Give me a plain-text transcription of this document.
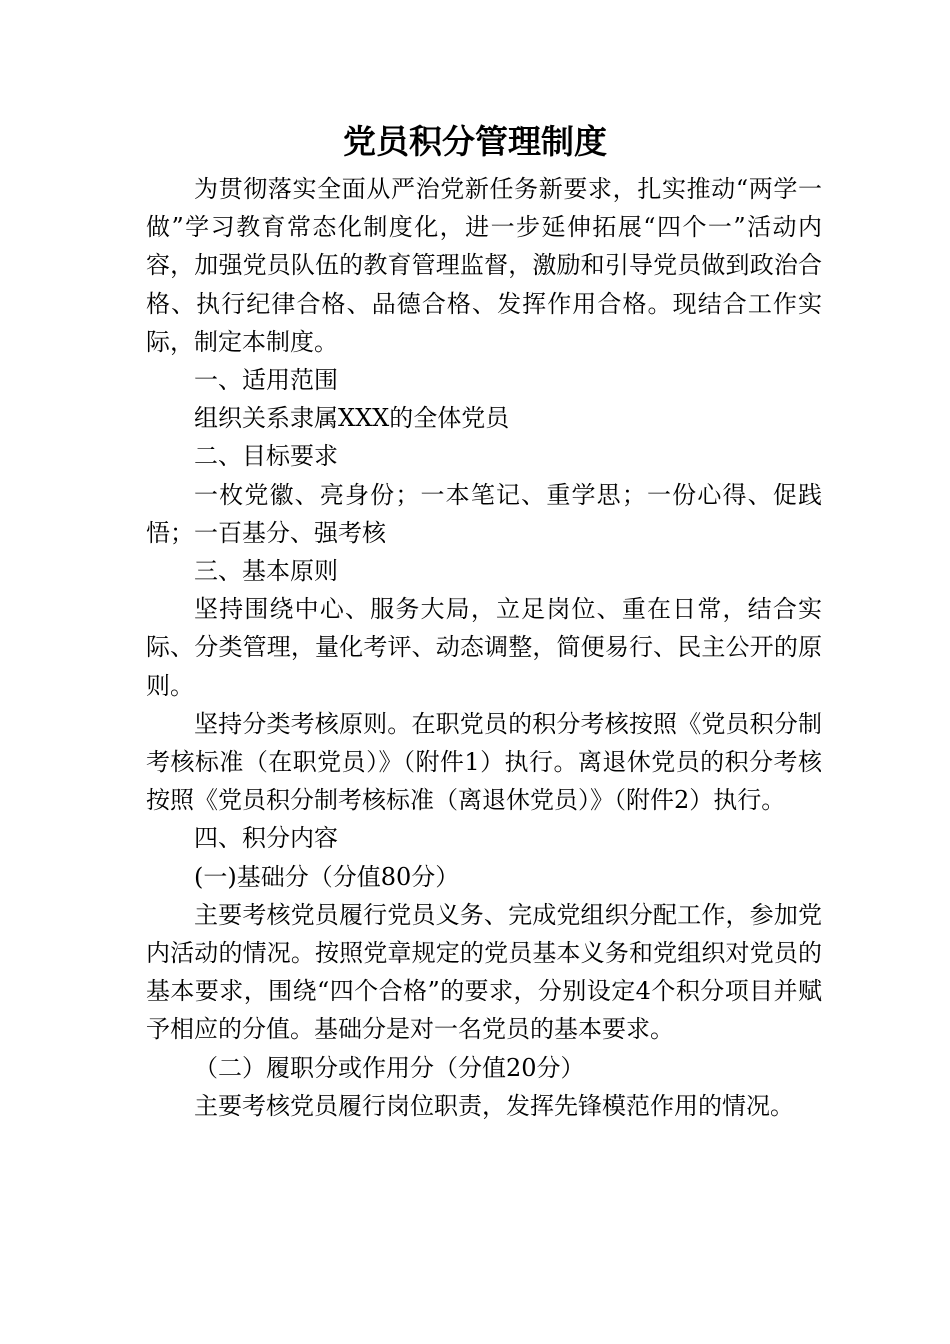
党员积分管理制度

为贯彻落实全面从严治党新任务新要求，扎实推动“两学一做”学习教育常态化制度化，进一步延伸拓展“四个一”活动内容，加强党员队伍的教育管理监督，激励和引导党员做到政治合格、执行纪律合格、品德合格、发挥作用合格。现结合工作实际，制定本制度。

一、适用范围

组织关系隶属XXX的全体党员

二、目标要求

一枚党徽、亮身份；一本笔记、重学思；一份心得、促践悟；一百基分、强考核

三、基本原则

坚持围绕中心、服务大局，立足岗位、重在日常，结合实际、分类管理，量化考评、动态调整，简便易行、民主公开的原则。

坚持分类考核原则。在职党员的积分考核按照《党员积分制考核标准（在职党员）》（附件1）执行。离退休党员的积分考核按照《党员积分制考核标准（离退休党员）》（附件2）执行。

四、积分内容

(一)基础分（分值80分）

主要考核党员履行党员义务、完成党组织分配工作，参加党内活动的情况。按照党章规定的党员基本义务和党组织对党员的基本要求，围绕“四个合格”的要求，分别设定4个积分项目并赋予相应的分值。基础分是对一名党员的基本要求。

（二）履职分或作用分（分值20分）

主要考核党员履行岗位职责，发挥先锋模范作用的情况。
